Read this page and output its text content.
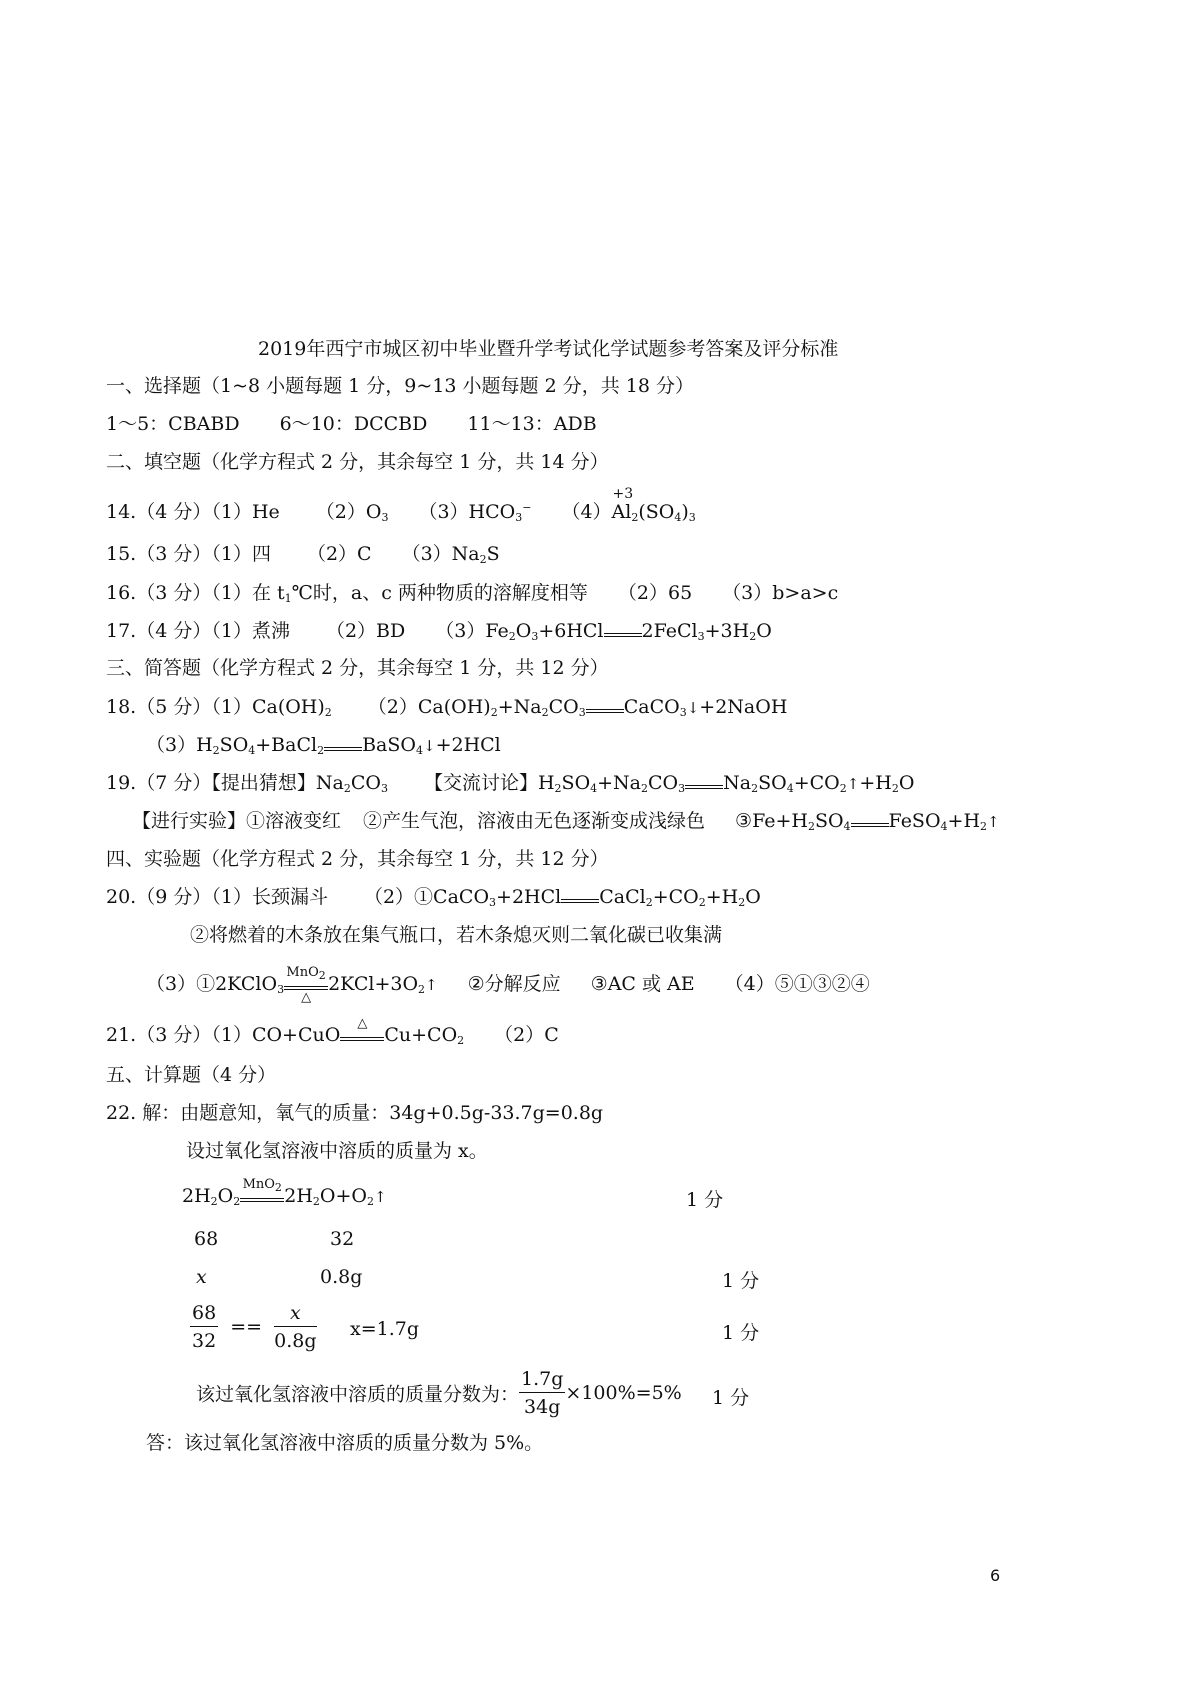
2019年西宁市城区初中毕业暨升学考试化学试题参考答案及评分标准
一、选择题（1~8 小题每题 1 分，9~13 小题每题 2 分，共 18 分）
1～5：CBABD 6～10：DCCBD 11～13：ADB
二、填空题（化学方程式 2 分，其余每空 1 分，共 14 分）
14.（4 分）（1）He $(2)O_3$ $(3)HCO_3^-$ （4）
+3
$Al_2(SO_4)_3$
15.（3 分）（1）四 （2）C $(3)Na_2S$
16.（3 分）（1）在 $t_1℃$时，a、c 两种物质的溶解度相等 （2）65 （3）b>a>c
17.（4 分）（1）煮沸 （2）BD $(3)Fe_2O_3+6HCl$ $2FeCl_3+3H_2O$
三、简答题（化学方程式 2 分，其余每空 1 分，共 12 分）
18.（5 分）$(1)Ca(OH)_2$ $(2)Ca(OH)_2+Na_2CO_3$ CaCO$_3$↓+2NaOH
$(3)H_2SO_4+BaCl_2$ BaSO$_4$↓+2HCl
19.（7 分）【提出猜想】$Na_2CO_3$ 【交流讨论】$H_2SO_4+Na_2CO_3$ $Na_2SO_4+CO_2↑+H_2O$
【进行实验】①溶液变红 ②产生气泡，溶液由无色逐渐变成浅绿色 $③Fe+H_2SO_4$ $FeSO_4+H_2↑$
四、实验题（化学方程式 2 分，其余每空 1 分，共 12 分）
20.（9 分）（1）长颈漏斗 （2）①CaCO$_3$+2HCl $CaCl_2+CO_2+H_2O$
②将燃着的木条放在集气瓶口，若木条熄灭则二氧化碳已收集满
（3）①2KClO$_3$
MnO$_2$
△
$2KCl+3O_2↑$ ②分解反应 ③AC 或 AE （4）⑤①③②④
21.（3 分）（1）CO+CuO
△
$Cu+CO_2$ （2）C
五、计算题（4 分）
22. 解：由题意知，氧气的质量：34g+0.5g-33.7g=0.8g
设过氧化氢溶液中溶质的质量为 x。
$2H_2O_2$
MnO$_2$ $2H_2O+O_2↑$	1 分
68	32
x	0.8g	1 分
$\frac{68}{32} == \frac{x}{0.8g} x=1.7g$	1 分
该过氧化氢溶液中溶质的质量分数为： $\frac{1.7g}{34g} \times 100\%=5\%$ 1 分
答：该过氧化氢溶液中溶质的质量分数为 5%。
6
